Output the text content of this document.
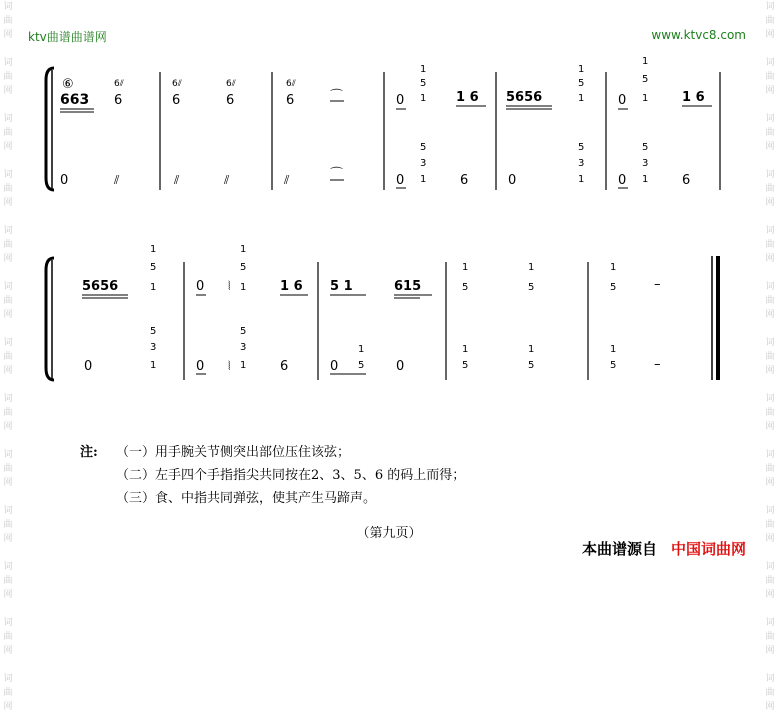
词
曲
网

词
曲
网

词
曲
网

词
曲
网

词
曲
网

词
曲
网

词
曲
网

词
曲
网

词
曲
网

词
曲
网

词
曲
网

词
曲
网

词
曲
网

词
曲
网

词
曲
网

词
曲
网

词
曲
网

词
曲
网

词
曲
网

词
曲
网

词
曲
网

词
曲
网

词
曲
网

词
曲
网

词
曲
网

词
曲
网

ktv曲谱曲谱网	www.ktvc8.com
⑥
663 6
6⫽
6
6⫽
6
6⫽
6
6⫽
⌒	0
1
5
1 1 6 5656
1
5
1	0
1
5
1	1 6
0	⫽	⫽	⫽	⫽	⌒	0
5
3
1	6	0
5
3
1	0
5
3
1	6
5656
1
5
1	0 ⦚
1
5
1	1 6 5 1	615
1
5
1
5
1
5	–
0
5
3
1	0 ⦚
5
3
1	6	0
1
5 0
1
5
1
5
1
5	–
注: （一）用手腕关节侧突出部位压住该弦；
（二）左手四个手指指尖共同按在2、3、5、6 的码上而得；
（三）食、中指共同弹弦，使其产生马蹄声。
（第九页）
本曲谱源自 中国词曲网
